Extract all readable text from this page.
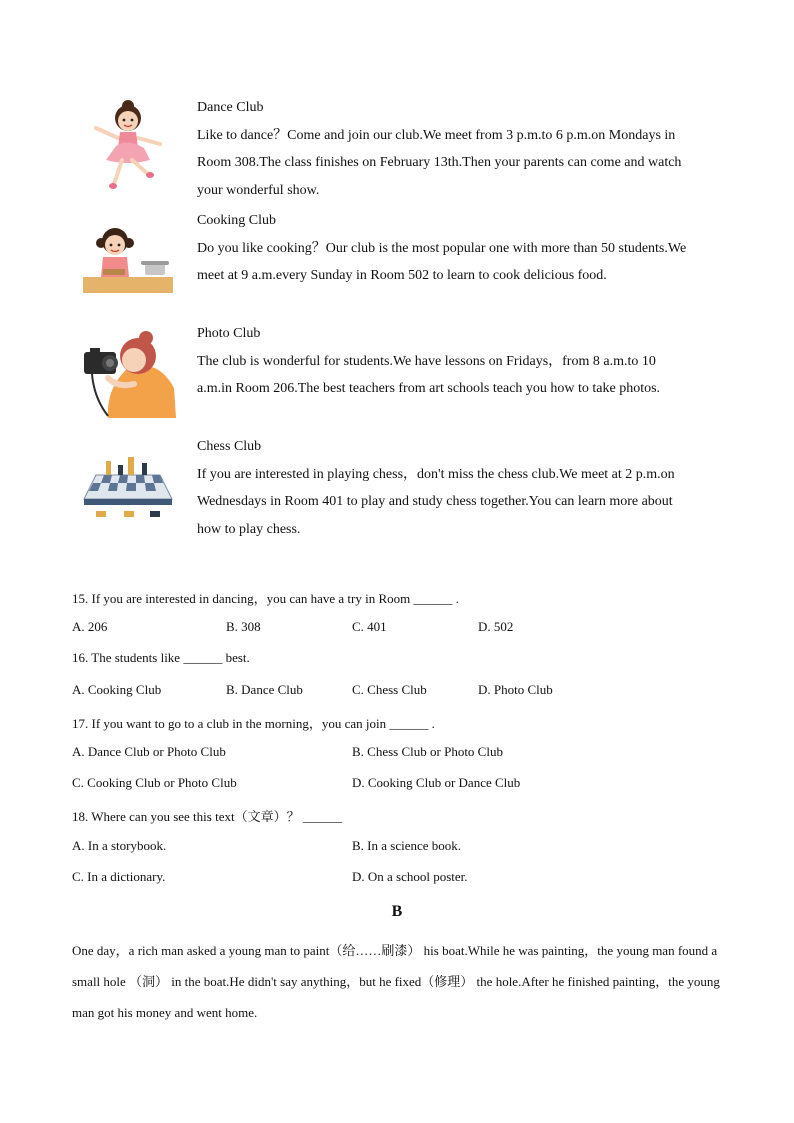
Dance Club
Like to dance？Come and join our club.We meet from 3 p.m.to 6 p.m.on Mondays in Room 308.The class finishes on February 13th.Then your parents can come and watch your wonderful show.
Cooking Club
Do you like cooking？Our club is the most popular one with more than 50 students.We meet at 9 a.m.every Sunday in Room 502 to learn to cook delicious food.
Photo Club
The club is wonderful for students.We have lessons on Fridays，from 8 a.m.to 10 a.m.in Room 206.The best teachers from art schools teach you how to take photos.
Chess Club
If you are interested in playing chess，don't miss the chess club.We meet at 2 p.m.on Wednesdays in Room 401 to play and study chess together.You can learn more about how to play chess.
15. If you are interested in dancing，you can have a try in Room ______ .
A. 206	B. 308	C. 401	D. 502
16. The students like ______ best.
A. Cooking Club	B. Dance Club	C. Chess Club	D. Photo Club
17. If you want to go to a club in the morning，you can join ______ .
A. Dance Club or Photo Club	B. Chess Club or Photo Club
C. Cooking Club or Photo Club	D. Cooking Club or Dance Club
18. Where can you see this text（文章）？ ______
A. In a storybook.	B. In a science book.
C. In a dictionary.	D. On a school poster.
B
One day，a rich man asked a young man to paint（给……刷漆） his boat.While he was painting，the young man found a small hole （洞） in the boat.He didn't say anything，but he fixed（修理） the hole.After he finished painting，the young man got his money and went home.
